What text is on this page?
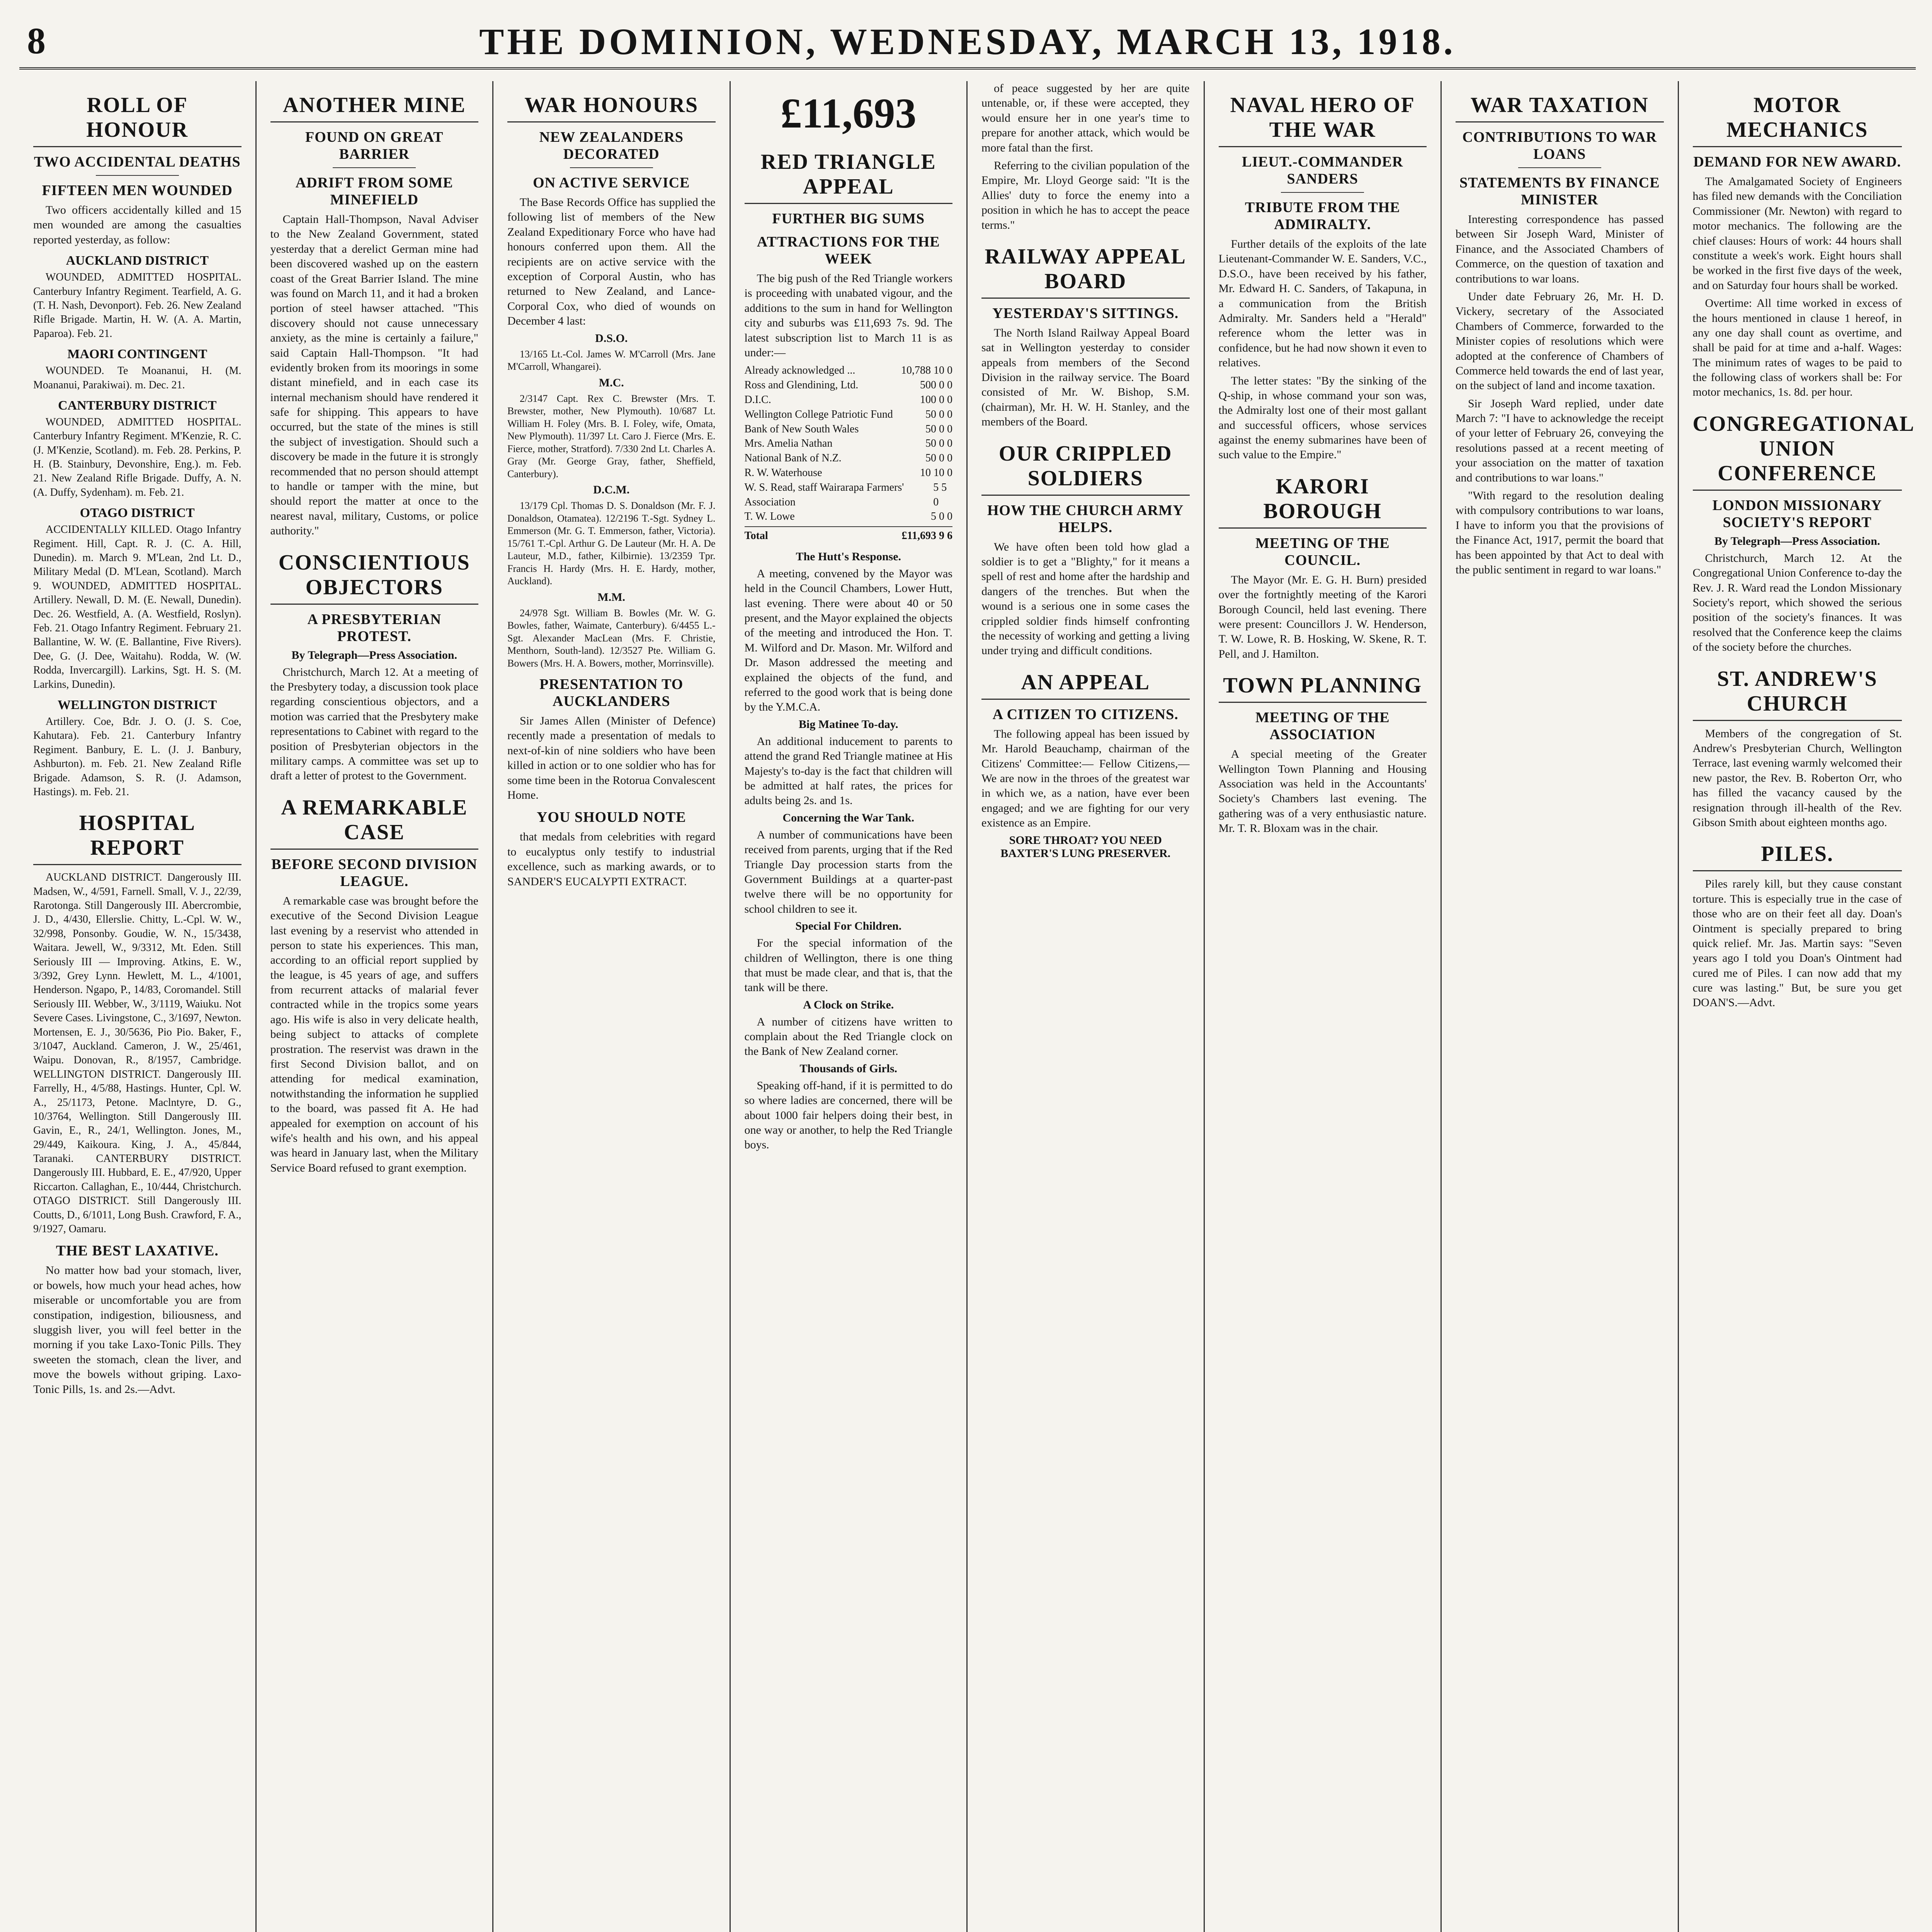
8	THE DOMINION, WEDNESDAY, MARCH 13, 1918.
ROLL OF HONOUR
TWO ACCIDENTAL DEATHS
FIFTEEN MEN WOUNDED

Two officers accidentally killed and 15 men wounded are among the casualties reported yesterday, as follow:

AUCKLAND DISTRICT

WOUNDED, ADMITTED HOSPITAL. Canterbury Infantry Regiment. Tearfield, A. G. (T. H. Nash, Devonport). Feb. 26. New Zealand Rifle Brigade. Martin, H. W. (A. A. Martin, Paparoa). Feb. 21.

MAORI CONTINGENT

WOUNDED. Te Moananui, H. (M. Moananui, Parakiwai). m. Dec. 21.

CANTERBURY DISTRICT

WOUNDED, ADMITTED HOSPITAL. Canterbury Infantry Regiment. M'Kenzie, R. C. (J. M'Kenzie, Scotland). m. Feb. 28. Perkins, P. H. (B. Stainbury, Devonshire, Eng.). m. Feb. 21. New Zealand Rifle Brigade. Duffy, A. N. (A. Duffy, Sydenham). m. Feb. 21.

OTAGO DISTRICT

ACCIDENTALLY KILLED. Otago Infantry Regiment. Hill, Capt. R. J. (C. A. Hill, Dunedin). m. March 9. M'Lean, 2nd Lt. D., Military Medal (D. M'Lean, Scotland). March 9. WOUNDED, ADMITTED HOSPITAL. Artillery. Newall, D. M. (E. Newall, Dunedin). Dec. 26. Westfield, A. (A. Westfield, Roslyn). Feb. 21. Otago Infantry Regiment. February 21. Ballantine, W. W. (E. Ballantine, Five Rivers). Dee, G. (J. Dee, Waitahu). Rodda, W. (W. Rodda, Invercargill). Larkins, Sgt. H. S. (M. Larkins, Dunedin).

WELLINGTON DISTRICT

Artillery. Coe, Bdr. J. O. (J. S. Coe, Kahutara). Feb. 21. Canterbury Infantry Regiment. Banbury, E. L. (J. J. Banbury, Ashburton). m. Feb. 21. New Zealand Rifle Brigade. Adamson, S. R. (J. Adamson, Hastings). m. Feb. 21.

HOSPITAL REPORT

AUCKLAND DISTRICT. Dangerously III. Madsen, W., 4/591, Farnell. Small, V. J., 22/39, Rarotonga. Still Dangerously III. Abercrombie, J. D., 4/430, Ellerslie. Chitty, L.-Cpl. W. W., 32/998, Ponsonby. Goudie, W. N., 15/3438, Waitara. Jewell, W., 9/3312, Mt. Eden. Still Seriously III — Improving. Atkins, E. W., 3/392, Grey Lynn. Hewlett, M. L., 4/1001, Henderson. Ngapo, P., 14/83, Coromandel. Still Seriously III. Webber, W., 3/1119, Waiuku. Not Severe Cases. Livingstone, C., 3/1697, Newton. Mortensen, E. J., 30/5636, Pio Pio. Baker, F., 3/1047, Auckland. Cameron, J. W., 25/461, Waipu. Donovan, R., 8/1957, Cambridge. WELLINGTON DISTRICT. Dangerously III. Farrelly, H., 4/5/88, Hastings. Hunter, Cpl. W. A., 25/1173, Petone. Maclntyre, D. G., 10/3764, Wellington. Still Dangerously III. Gavin, E., R., 24/1, Wellington. Jones, M., 29/449, Kaikoura. King, J. A., 45/844, Taranaki. CANTERBURY DISTRICT. Dangerously III. Hubbard, E. E., 47/920, Upper Riccarton. Callaghan, E., 10/444, Christchurch. OTAGO DISTRICT. Still Dangerously III. Coutts, D., 6/1011, Long Bush. Crawford, F. A., 9/1927, Oamaru.

THE BEST LAXATIVE.

No matter how bad your stomach, liver, or bowels, how much your head aches, how miserable or uncomfortable you are from constipation, indigestion, biliousness, and sluggish liver, you will feel better in the morning if you take Laxo-Tonic Pills. They sweeten the stomach, clean the liver, and move the bowels without griping. Laxo-Tonic Pills, 1s. and 2s.—Advt.

ANOTHER MINE
FOUND ON GREAT BARRIER
ADRIFT FROM SOME MINEFIELD

Captain Hall-Thompson, Naval Adviser to the New Zealand Government, stated yesterday that a derelict German mine had been discovered washed up on the eastern coast of the Great Barrier Island. The mine was found on March 11, and it had a broken portion of steel hawser attached. "This discovery should not cause unnecessary anxiety, as the mine is certainly a failure," said Captain Hall-Thompson. "It had evidently broken from its moorings in some distant minefield, and in each case its internal mechanism should have rendered it safe for shipping. This appears to have occurred, but the state of the mines is still the subject of investigation. Should such a discovery be made in the future it is strongly recommended that no person should attempt to handle or tamper with the mine, but should report the matter at once to the nearest naval, military, Customs, or police authority."

CONSCIENTIOUS OBJECTORS
A PRESBYTERIAN PROTEST.
By Telegraph—Press Association.

Christchurch, March 12. At a meeting of the Presbytery today, a discussion took place regarding conscientious objectors, and a motion was carried that the Presbytery make representations to Cabinet with regard to the position of Presbyterian objectors in the military camps. A committee was set up to draft a letter of protest to the Government.

A REMARKABLE CASE
BEFORE SECOND DIVISION LEAGUE.

A remarkable case was brought before the executive of the Second Division League last evening by a reservist who attended in person to state his experiences. This man, according to an official report supplied by the league, is 45 years of age, and suffers from recurrent attacks of malarial fever contracted while in the tropics some years ago. His wife is also in very delicate health, being subject to attacks of complete prostration. The reservist was drawn in the first Second Division ballot, and on attending for medical examination, notwithstanding the information he supplied to the board, was passed fit A. He had appealed for exemption on account of his wife's health and his own, and his appeal was heard in January last, when the Military Service Board refused to grant exemption.

WAR HONOURS
NEW ZEALANDERS DECORATED
ON ACTIVE SERVICE

The Base Records Office has supplied the following list of members of the New Zealand Expeditionary Force who have had honours conferred upon them. All the recipients are on active service with the exception of Corporal Austin, who has returned to New Zealand, and Lance-Corporal Cox, who died of wounds on December 4 last:

D.S.O.

13/165 Lt.-Col. James W. M'Carroll (Mrs. Jane M'Carroll, Whangarei).

M.C.

2/3147 Capt. Rex C. Brewster (Mrs. T. Brewster, mother, New Plymouth). 10/687 Lt. William H. Foley (Mrs. B. I. Foley, wife, Omata, New Plymouth). 11/397 Lt. Caro J. Fierce (Mrs. E. Fierce, mother, Stratford). 7/330 2nd Lt. Charles A. Gray (Mr. George Gray, father, Sheffield, Canterbury).

D.C.M.

13/179 Cpl. Thomas D. S. Donaldson (Mr. F. J. Donaldson, Otamatea). 12/2196 T.-Sgt. Sydney L. Emmerson (Mr. G. T. Emmerson, father, Victoria). 15/761 T.-Cpl. Arthur G. De Lauteur (Mr. H. A. De Lauteur, M.D., father, Kilbirnie). 13/2359 Tpr. Francis H. Hardy (Mrs. H. E. Hardy, mother, Auckland).

M.M.

24/978 Sgt. William B. Bowles (Mr. W. G. Bowles, father, Waimate, Canterbury). 6/4455 L.-Sgt. Alexander MacLean (Mrs. F. Christie, Menthorn, South-land). 12/3527 Pte. William G. Bowers (Mrs. H. A. Bowers, mother, Morrinsville).

PRESENTATION TO AUCKLANDERS

Sir James Allen (Minister of Defence) recently made a presentation of medals to next-of-kin of nine soldiers who have been killed in action or to one soldier who has for some time been in the Rotorua Convalescent Home.

YOU SHOULD NOTE

that medals from celebrities with regard to eucalyptus only testify to industrial excellence, such as marking awards, or to SANDER'S EUCALYPTI EXTRACT.

£11,693
RED TRIANGLE APPEAL
FURTHER BIG SUMS
ATTRACTIONS FOR THE WEEK

The big push of the Red Triangle workers is proceeding with unabated vigour, and the additions to the sum in hand for Wellington city and suburbs was £11,693 7s. 9d. The latest subscription list to March 11 is as under:—

Already acknowledged ...	10,788 10 0
Ross and Glendining, Ltd.	500 0 0
D.I.C.	100 0 0
Wellington College Patriotic Fund	50 0 0
Bank of New South Wales	50 0 0
Mrs. Amelia Nathan	50 0 0
National Bank of N.Z.	50 0 0
R. W. Waterhouse	10 10 0
W. S. Read, staff Wairarapa Farmers' Association
5 5 0
T. W. Lowe	5 0 0
Total	£11,693 9 6
The Hutt's Response.

A meeting, convened by the Mayor was held in the Council Chambers, Lower Hutt, last evening. There were about 40 or 50 present, and the Mayor explained the objects of the meeting and introduced the Hon. T. M. Wilford and Dr. Mason. Mr. Wilford and Dr. Mason addressed the meeting and explained the objects of the fund, and referred to the good work that is being done by the Y.M.C.A.

Big Matinee To-day.

An additional inducement to parents to attend the grand Red Triangle matinee at His Majesty's to-day is the fact that children will be admitted at half rates, the prices for adults being 2s. and 1s.

Concerning the War Tank.

A number of communications have been received from parents, urging that if the Red Triangle Day procession starts from the Government Buildings at a quarter-past twelve there will be no opportunity for school children to see it.

Special For Children.

For the special information of the children of Wellington, there is one thing that must be made clear, and that is, that the tank will be there.

A Clock on Strike.

A number of citizens have written to complain about the Red Triangle clock on the Bank of New Zealand corner.

Thousands of Girls.

Speaking off-hand, if it is permitted to do so where ladies are concerned, there will be about 1000 fair helpers doing their best, in one way or another, to help the Red Triangle boys.

of peace suggested by her are quite untenable, or, if these were accepted, they would ensure her in one year's time to prepare for another attack, which would be more fatal than the first.

Referring to the civilian population of the Empire, Mr. Lloyd George said: "It is the Allies' duty to force the enemy into a position in which he has to accept the peace terms."

RAILWAY APPEAL BOARD
YESTERDAY'S SITTINGS.

The North Island Railway Appeal Board sat in Wellington yesterday to consider appeals from members of the Second Division in the railway service. The Board consisted of Mr. W. Bishop, S.M. (chairman), Mr. H. W. H. Stanley, and the members of the Board.

OUR CRIPPLED SOLDIERS
HOW THE CHURCH ARMY HELPS.

We have often been told how glad a soldier is to get a "Blighty," for it means a spell of rest and home after the hardship and dangers of the trenches. But when the wound is a serious one in some cases the crippled soldier finds himself confronting the necessity of working and getting a living under trying and difficult conditions.

AN APPEAL
A CITIZEN TO CITIZENS.

The following appeal has been issued by Mr. Harold Beauchamp, chairman of the Citizens' Committee:— Fellow Citizens,—We are now in the throes of the greatest war in which we, as a nation, have ever been engaged; and we are fighting for our very existence as an Empire.

SORE THROAT? YOU NEED BAXTER'S LUNG PRESERVER.
NAVAL HERO OF THE WAR
LIEUT.-COMMANDER SANDERS
TRIBUTE FROM THE ADMIRALTY.

Further details of the exploits of the late Lieutenant-Commander W. E. Sanders, V.C., D.S.O., have been received by his father, Mr. Edward H. C. Sanders, of Takapuna, in a communication from the British Admiralty. Mr. Sanders held a "Herald" reference whom the letter was in confidence, but he had now shown it even to relatives.

The letter states: "By the sinking of the Q-ship, in whose command your son was, the Admiralty lost one of their most gallant and successful officers, whose services against the enemy submarines have been of such value to the Empire."

KARORI BOROUGH
MEETING OF THE COUNCIL.

The Mayor (Mr. E. G. H. Burn) presided over the fortnightly meeting of the Karori Borough Council, held last evening. There were present: Councillors J. W. Henderson, T. W. Lowe, R. B. Hosking, W. Skene, R. T. Pell, and J. Hamilton.

TOWN PLANNING
MEETING OF THE ASSOCIATION

A special meeting of the Greater Wellington Town Planning and Housing Association was held in the Accountants' Society's Chambers last evening. The gathering was of a very enthusiastic nature. Mr. T. R. Bloxam was in the chair.

WAR TAXATION
CONTRIBUTIONS TO WAR LOANS
STATEMENTS BY FINANCE MINISTER

Interesting correspondence has passed between Sir Joseph Ward, Minister of Finance, and the Associated Chambers of Commerce, on the question of taxation and contributions to war loans.

Under date February 26, Mr. H. D. Vickery, secretary of the Associated Chambers of Commerce, forwarded to the Minister copies of resolutions which were adopted at the conference of Chambers of Commerce held towards the end of last year, on the subject of land and income taxation.

Sir Joseph Ward replied, under date March 7: "I have to acknowledge the receipt of your letter of February 26, conveying the resolutions passed at a recent meeting of your association on the matter of taxation and contributions to war loans."

"With regard to the resolution dealing with compulsory contributions to war loans, I have to inform you that the provisions of the Finance Act, 1917, permit the board that has been appointed by that Act to deal with the public sentiment in regard to war loans."

MOTOR MECHANICS
DEMAND FOR NEW AWARD.

The Amalgamated Society of Engineers has filed new demands with the Conciliation Commissioner (Mr. Newton) with regard to motor mechanics. The following are the chief clauses: Hours of work: 44 hours shall constitute a week's work. Eight hours shall be worked in the first five days of the week, and on Saturday four hours shall be worked.

Overtime: All time worked in excess of the hours mentioned in clause 1 hereof, in any one day shall count as overtime, and shall be paid for at time and a-half. Wages: The minimum rates of wages to be paid to the following class of workers shall be: For motor mechanics, 1s. 8d. per hour.

CONGREGATIONAL UNION CONFERENCE
LONDON MISSIONARY SOCIETY'S REPORT
By Telegraph—Press Association.

Christchurch, March 12. At the Congregational Union Conference to-day the Rev. J. R. Ward read the London Missionary Society's report, which showed the serious position of the society's finances. It was resolved that the Conference keep the claims of the society before the churches.

ST. ANDREW'S CHURCH

Members of the congregation of St. Andrew's Presbyterian Church, Wellington Terrace, last evening warmly welcomed their new pastor, the Rev. B. Roberton Orr, who has filled the vacancy caused by the resignation through ill-health of the Rev. Gibson Smith about eighteen months ago.

PILES.

Piles rarely kill, but they cause constant torture. This is especially true in the case of those who are on their feet all day. Doan's Ointment is specially prepared to bring quick relief. Mr. Jas. Martin says: "Seven years ago I told you Doan's Ointment had cured me of Piles. I can now add that my cure was lasting." But, be sure you get DOAN'S.—Advt.
